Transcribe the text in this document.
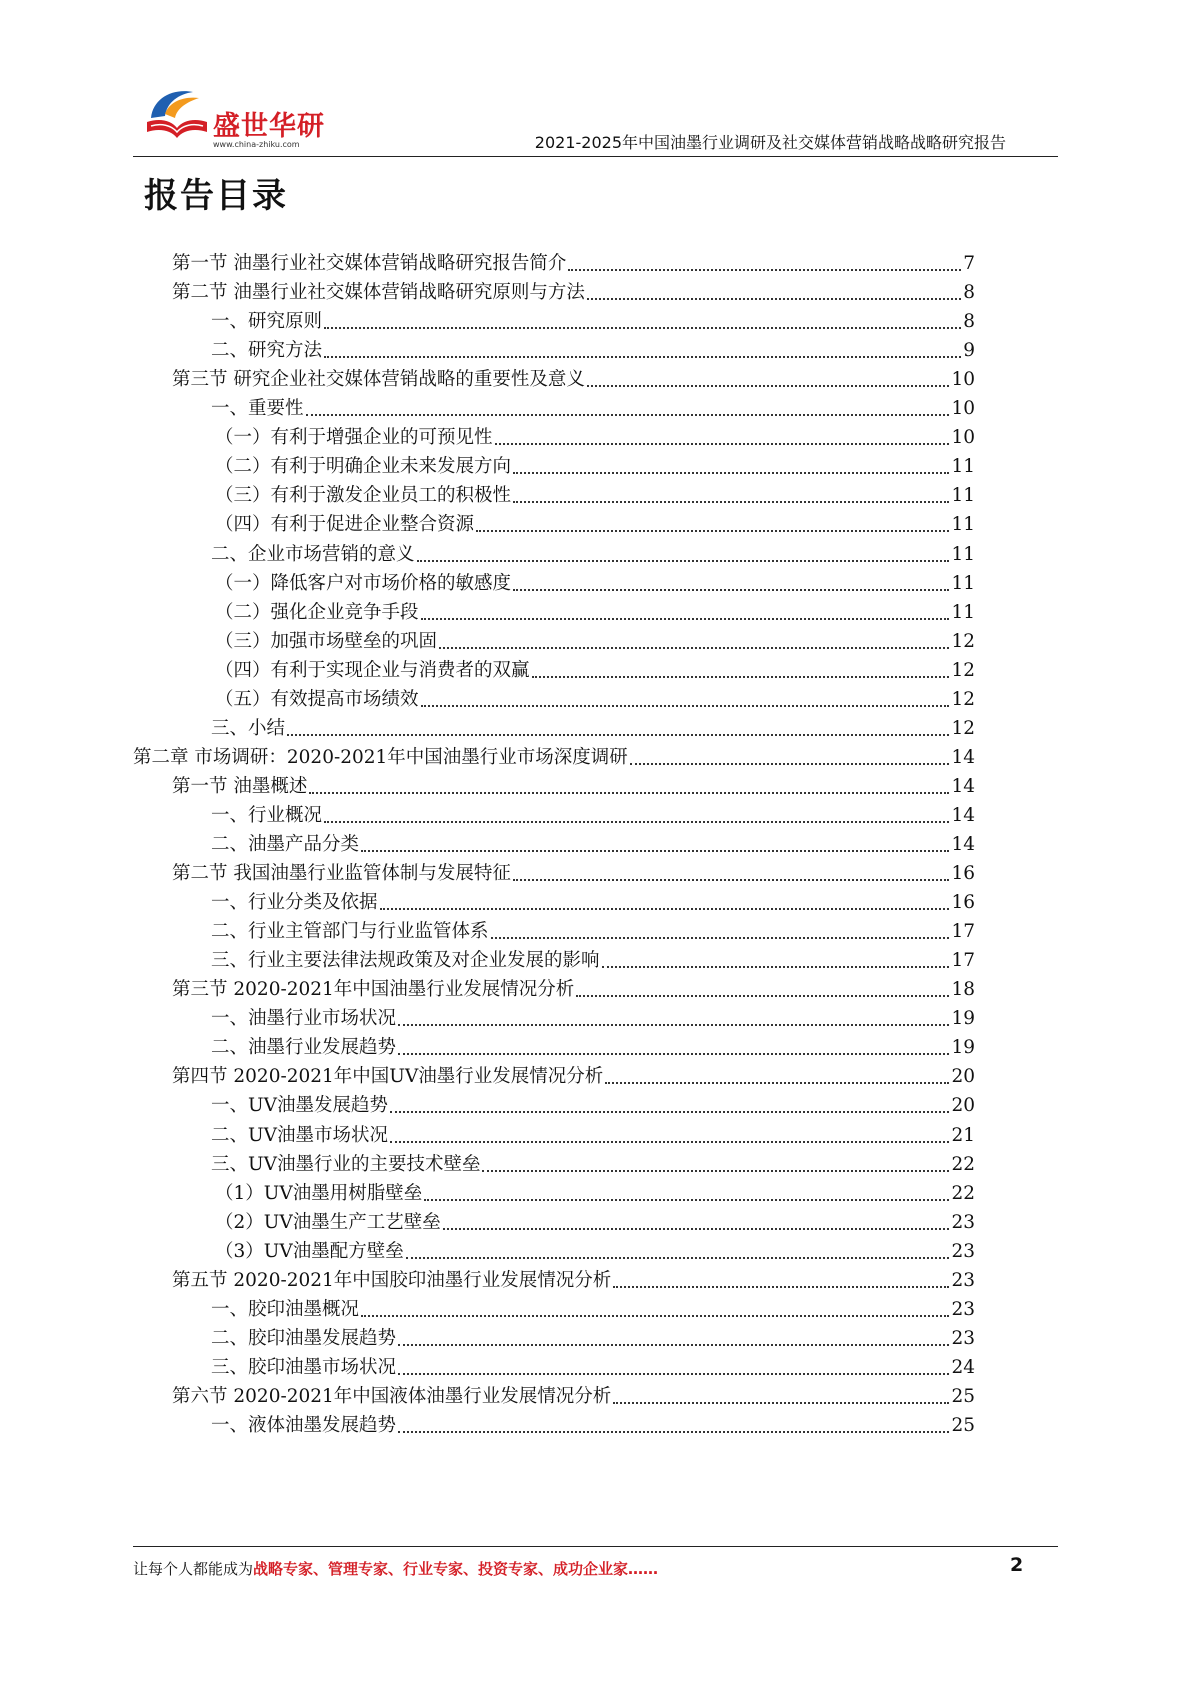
盛世华研
www.china-zhiku.com	2021-2025年中国油墨行业调研及社交媒体营销战略战略研究报告
报告目录
第一节 油墨行业社交媒体营销战略研究报告简介	7
第二节 油墨行业社交媒体营销战略研究原则与方法	8
一、研究原则	8
二、研究方法	9
第三节 研究企业社交媒体营销战略的重要性及意义	10
一、重要性	10
（一）有利于增强企业的可预见性	10
（二）有利于明确企业未来发展方向	11
（三）有利于激发企业员工的积极性	11
（四）有利于促进企业整合资源	11
二、企业市场营销的意义	11
（一）降低客户对市场价格的敏感度	11
（二）强化企业竞争手段	11
（三）加强市场壁垒的巩固	12
（四）有利于实现企业与消费者的双赢	12
（五）有效提高市场绩效	12
三、小结	12
第二章 市场调研：2020-2021年中国油墨行业市场深度调研	14
第一节 油墨概述	14
一、行业概况	14
二、油墨产品分类	14
第二节 我国油墨行业监管体制与发展特征	16
一、行业分类及依据	16
二、行业主管部门与行业监管体系	17
三、行业主要法律法规政策及对企业发展的影响	17
第三节 2020-2021年中国油墨行业发展情况分析	18
一、油墨行业市场状况	19
二、油墨行业发展趋势	19
第四节 2020-2021年中国UV油墨行业发展情况分析	20
一、UV油墨发展趋势	20
二、UV油墨市场状况	21
三、UV油墨行业的主要技术壁垒	22
（1）UV油墨用树脂壁垒	22
（2）UV油墨生产工艺壁垒	23
（3）UV油墨配方壁垒	23
第五节 2020-2021年中国胶印油墨行业发展情况分析	23
一、胶印油墨概况	23
二、胶印油墨发展趋势	23
三、胶印油墨市场状况	24
第六节 2020-2021年中国液体油墨行业发展情况分析	25
一、液体油墨发展趋势	25
让每个人都能成为战略专家、管理专家、行业专家、投资专家、成功企业家……	2
